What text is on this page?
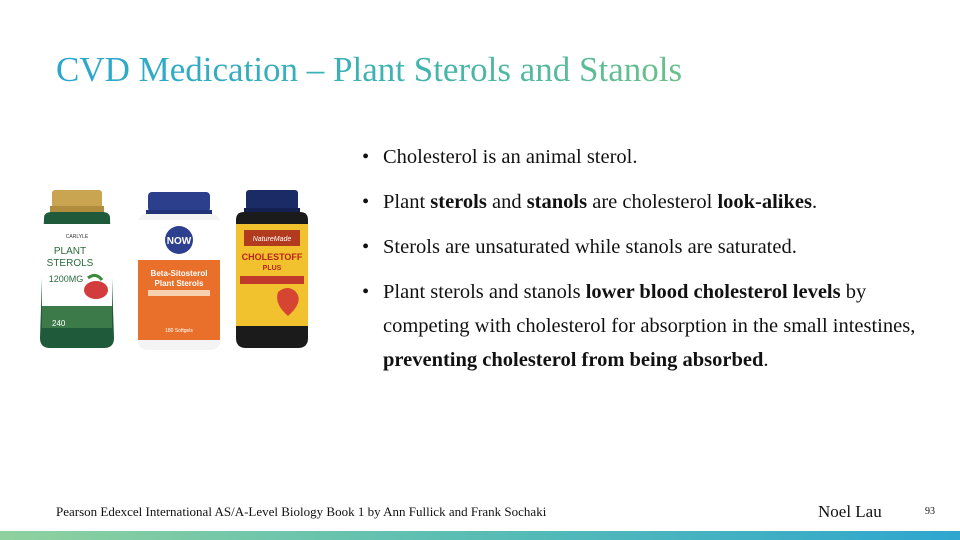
CVD Medication – Plant Sterols and Stanols
CARLYLE
PLANT
STEROLS
1200MG
240
NOW
Beta-Sitosterol
Plant Sterols
180 Softgels
NatureMade
CHOLESTOFF
PLUS
• Cholesterol is an animal sterol.
• Plant sterols and stanols are cholesterol look-alikes.
• Sterols are unsaturated while stanols are saturated.
• Plant sterols and stanols lower blood cholesterol levels by competing with cholesterol for absorption in the small intestines, preventing cholesterol from being absorbed.
Pearson Edexcel International AS/A-Level Biology Book 1 by Ann Fullick and Frank Sochaki	Noel Lau	93
